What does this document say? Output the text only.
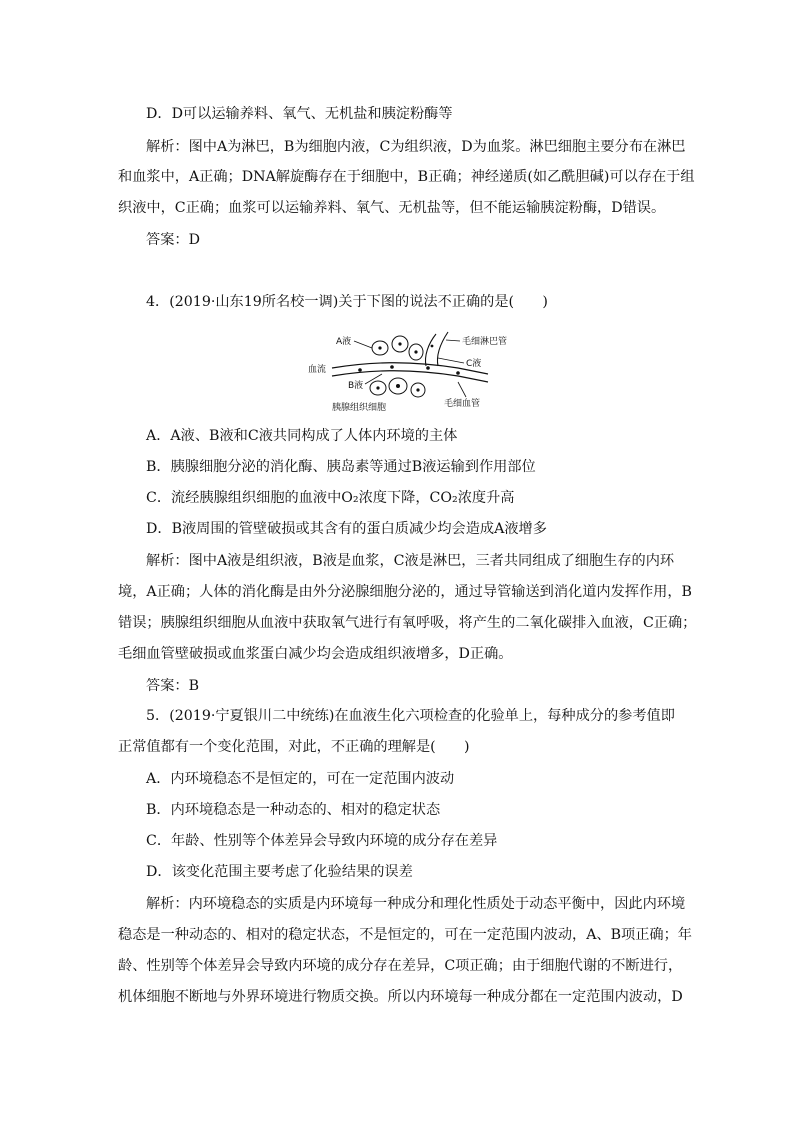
D．D可以运输养料、氧气、无机盐和胰淀粉酶等
解析：图中A为淋巴，B为细胞内液，C为组织液，D为血浆。淋巴细胞主要分布在淋巴
和血浆中，A正确；DNA解旋酶存在于细胞中，B正确；神经递质(如乙酰胆碱)可以存在于组
织液中，C正确；血浆可以运输养料、氧气、无机盐等，但不能运输胰淀粉酶，D错误。
答案：D
4．(2019·山东19所名校一调)关于下图的说法不正确的是(　　)
A液
血流
B液
胰腺组织细胞
毛细淋巴管
C液
毛细血管
A．A液、B液和C液共同构成了人体内环境的主体
B．胰腺细胞分泌的消化酶、胰岛素等通过B液运输到作用部位
C．流经胰腺组织细胞的血液中O₂浓度下降，CO₂浓度升高
D．B液周围的管壁破损或其含有的蛋白质减少均会造成A液增多
解析：图中A液是组织液，B液是血浆，C液是淋巴，三者共同组成了细胞生存的内环
境，A正确；人体的消化酶是由外分泌腺细胞分泌的，通过导管输送到消化道内发挥作用，B
错误；胰腺组织细胞从血液中获取氧气进行有氧呼吸，将产生的二氧化碳排入血液，C正确；
毛细血管壁破损或血浆蛋白减少均会造成组织液增多，D正确。
答案：B
5．(2019·宁夏银川二中统练)在血液生化六项检查的化验单上，每种成分的参考值即
正常值都有一个变化范围，对此，不正确的理解是(　　)
A．内环境稳态不是恒定的，可在一定范围内波动
B．内环境稳态是一种动态的、相对的稳定状态
C．年龄、性别等个体差异会导致内环境的成分存在差异
D．该变化范围主要考虑了化验结果的误差
解析：内环境稳态的实质是内环境每一种成分和理化性质处于动态平衡中，因此内环境
稳态是一种动态的、相对的稳定状态，不是恒定的，可在一定范围内波动，A、B项正确；年
龄、性别等个体差异会导致内环境的成分存在差异，C项正确；由于细胞代谢的不断进行，
机体细胞不断地与外界环境进行物质交换。所以内环境每一种成分都在一定范围内波动，D
